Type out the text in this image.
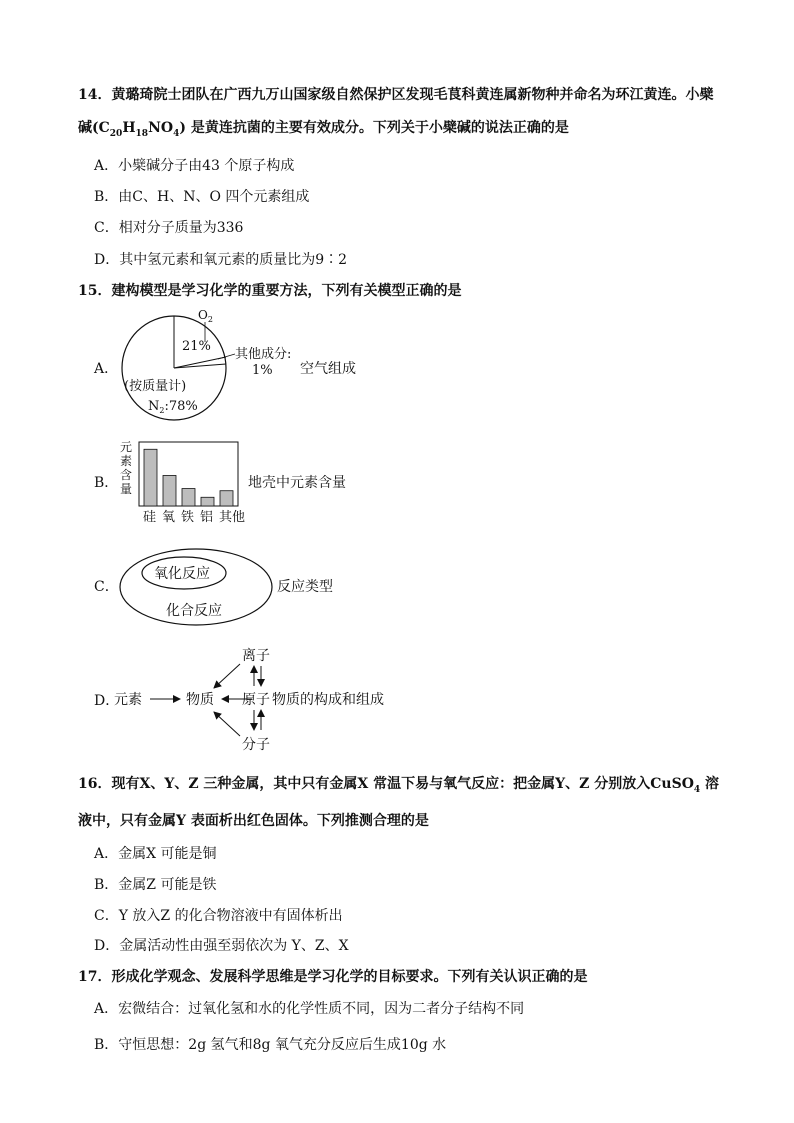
14．黄璐琦院士团队在广西九万山国家级自然保护区发现毛茛科黄连属新物种并命名为环江黄连。小檗
碱$(C_{20}H_{18}NO_4)$ 是黄连抗菌的主要有效成分。下列关于小檗碱的说法正确的是
A．小檗碱分子由43 个原子构成
B．由C、H、N、O 四个元素组成
C．相对分子质量为336
D．其中氢元素和氧元素的质量比为9∶2
15．建构模型是学习化学的重要方法，下列有关模型正确的是
A．
$O_2$
21%
其他成分:
1%
(按质量计)
$N_2:78\%$
空气组成
B．
元
素
含
量
硅 氧 铁 铝 其他
地壳中元素含量
C．
氧化反应
化合反应
反应类型
D．
元素	物质 原子
离子
分子
物质的构成和组成
16．现有X、Y、Z 三种金属，其中只有金属X 常温下易与氧气反应：把金属Y、Z 分别放入CuSO$_4$ 溶
液中，只有金属Y 表面析出红色固体。下列推测合理的是
A．金属X 可能是铜
B．金属Z 可能是铁
C．Y 放入Z 的化合物溶液中有固体析出
D．金属活动性由强至弱依次为 Y、Z、X
17．形成化学观念、发展科学思维是学习化学的目标要求。下列有关认识正确的是
A．宏微结合：过氧化氢和水的化学性质不同，因为二者分子结构不同
B．守恒思想：2g 氢气和8g 氧气充分反应后生成10g 水
